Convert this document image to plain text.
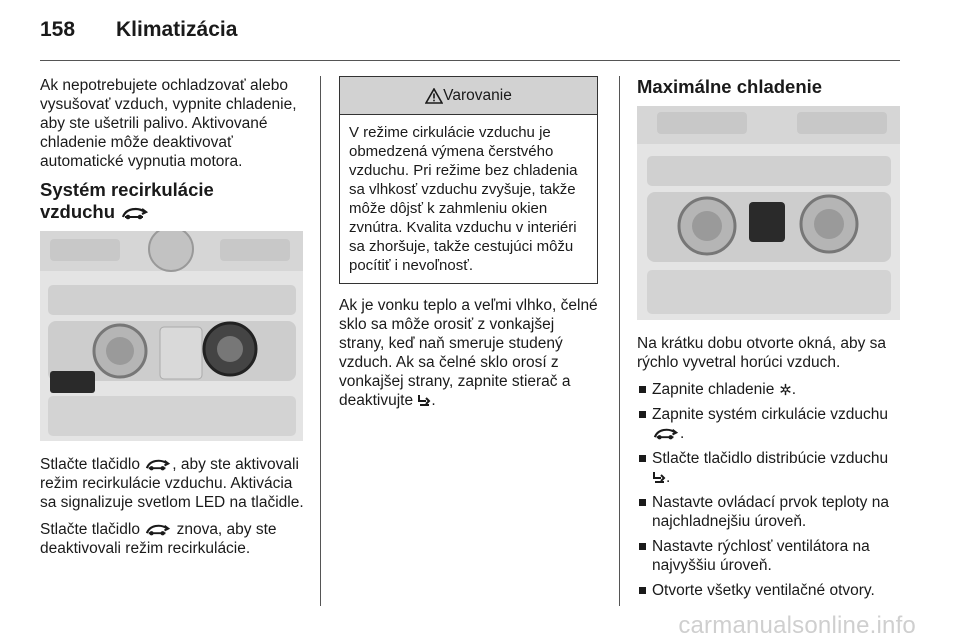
158	Klimatizácia

Ak nepotrebujete ochladzovať alebo vysušovať vzduch, vypnite chladenie, aby ste ušetrili palivo. Aktivované chladenie môže deaktivovať automatické vypnutia motora.

Systém recirkulácie
vzduchu

Stlačte tlačidlo , aby ste aktivovali režim recirkulácie vzduchu. Aktivácia sa signalizuje svetlom LED na tlačidle.

Stlačte tlačidlo  znova, aby ste deaktivovali režim recirkulácie.

Varovanie
V režime cirkulácie vzduchu je obmedzená výmena čerstvého vzduchu. Pri režime bez chladenia sa vlhkosť vzduchu zvyšuje, takže môže dôjsť k zahmleniu okien zvnútra. Kvalita vzduchu v interiéri sa zhoršuje, takže cestujúci môžu pocítiť i nevoľnosť.

Ak je vonku teplo a veľmi vlhko, čelné sklo sa môže orosiť z vonkajšej strany, keď naň smeruje studený vzduch. Ak sa čelné sklo orosí z vonkajšej strany, zapnite stierač a deaktivujte .

Maximálne chladenie

Na krátku dobu otvorte okná, aby sa rýchlo vyvetral horúci vzduch.

Zapnite chladenie .
Zapnite systém cirkulácie vzduchu .
Stlačte tlačidlo distribúcie vzduchu .
Nastavte ovládací prvok teploty na najchladnejšiu úroveň.
Nastavte rýchlosť ventilátora na najvyššiu úroveň.
Otvorte všetky ventilačné otvory.
carmanualsonline.info
